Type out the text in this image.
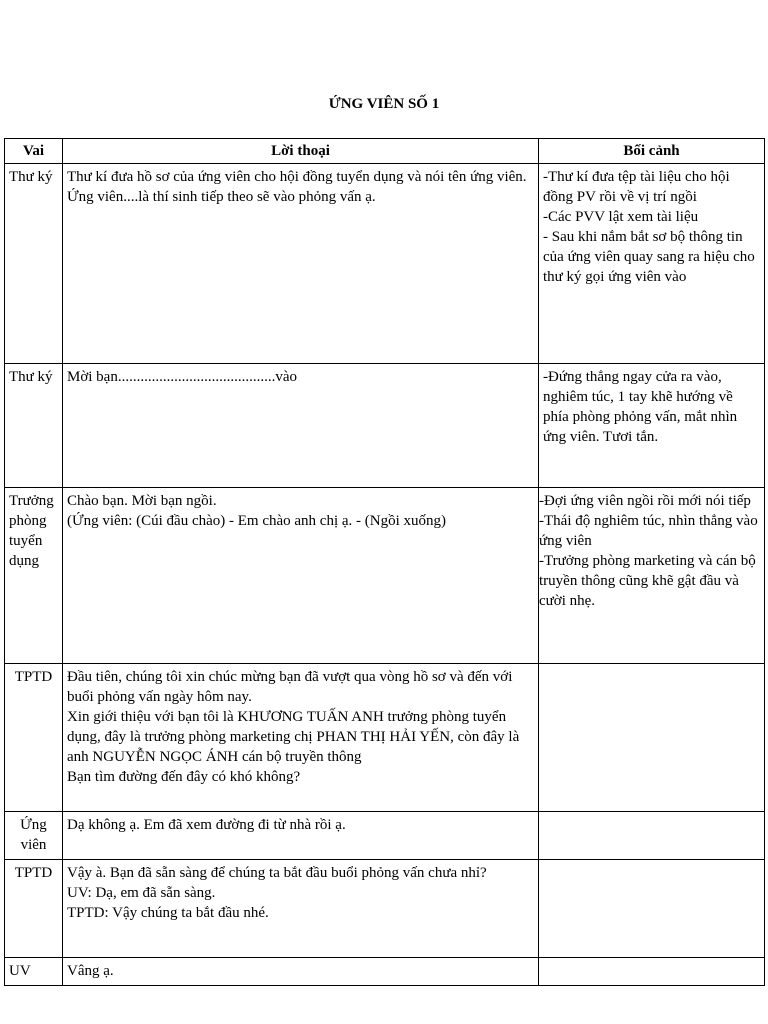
ỨNG VIÊN SỐ 1
Vai	Lời thoại	Bối cảnh

Thư ký	Thư kí đưa hồ sơ của ứng viên cho hội đồng tuyển dụng và nói tên ứng viên.
Ứng viên....là thí sinh tiếp theo sẽ vào phỏng vấn ạ.	-Thư kí đưa tệp tài liệu cho hội đồng PV rồi về vị trí ngồi
-Các PVV lật xem tài liệu
- Sau khi nắm bắt sơ bộ thông tin của ứng viên quay sang ra hiệu cho thư ký gọi ứng viên vào

Thư ký	Mời bạn..........................................vào	-Đứng thẳng ngay cửa ra vào, nghiêm túc, 1 tay khẽ hướng về phía phòng phỏng vấn, mắt nhìn ứng viên. Tươi tắn.

Trưởng phòng tuyển dụng	Chào bạn. Mời bạn ngồi.
(Ứng viên: (Cúi đầu chào) - Em chào anh chị ạ. - (Ngồi xuống)	-Đợi ứng viên ngồi rồi mới nói tiếp
-Thái độ nghiêm túc, nhìn thẳng vào ứng viên
-Trưởng phòng marketing và cán bộ truyền thông cũng khẽ gật đầu và cười nhẹ.

TPTD	Đầu tiên, chúng tôi xin chúc mừng bạn đã vượt qua vòng hồ sơ và đến với buổi phỏng vấn ngày hôm nay.
Xin giới thiệu với bạn tôi là KHƯƠNG TUẤN ANH trưởng phòng tuyển dụng, đây là trưởng phòng marketing chị PHAN THỊ HẢI YẾN, còn đây là anh NGUYỄN NGỌC ÁNH cán bộ truyền thông
Bạn tìm đường đến đây có khó không?	

Ứng viên	Dạ không ạ. Em đã xem đường đi từ nhà rồi ạ.	

TPTD	Vậy à. Bạn đã sẵn sàng để chúng ta bắt đầu buổi phỏng vấn chưa nhỉ?
UV: Dạ, em đã sẵn sàng.
TPTD: Vậy chúng ta bắt đầu nhé.	

UV	Vâng ạ.	
